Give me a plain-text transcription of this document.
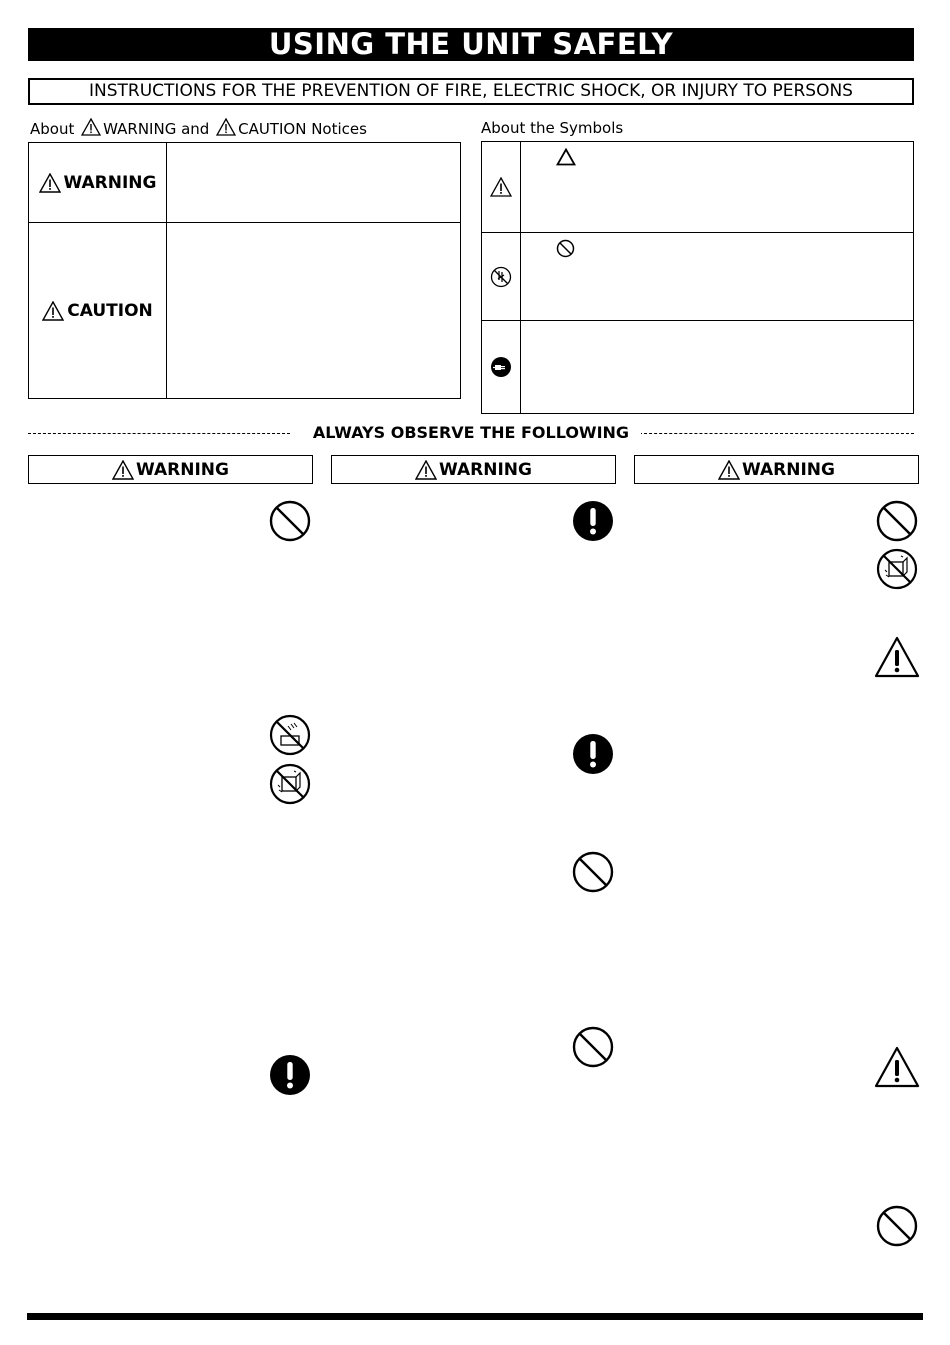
USING THE UNIT SAFELY
INSTRUCTIONS FOR THE PREVENTION OF FIRE, ELECTRIC SHOCK, OR INJURY TO PERSONS
About WARNING and CAUTION Notices	About the Symbols
WARNING
CAUTION
ALWAYS OBSERVE THE FOLLOWING
WARNING	WARNING	WARNING
